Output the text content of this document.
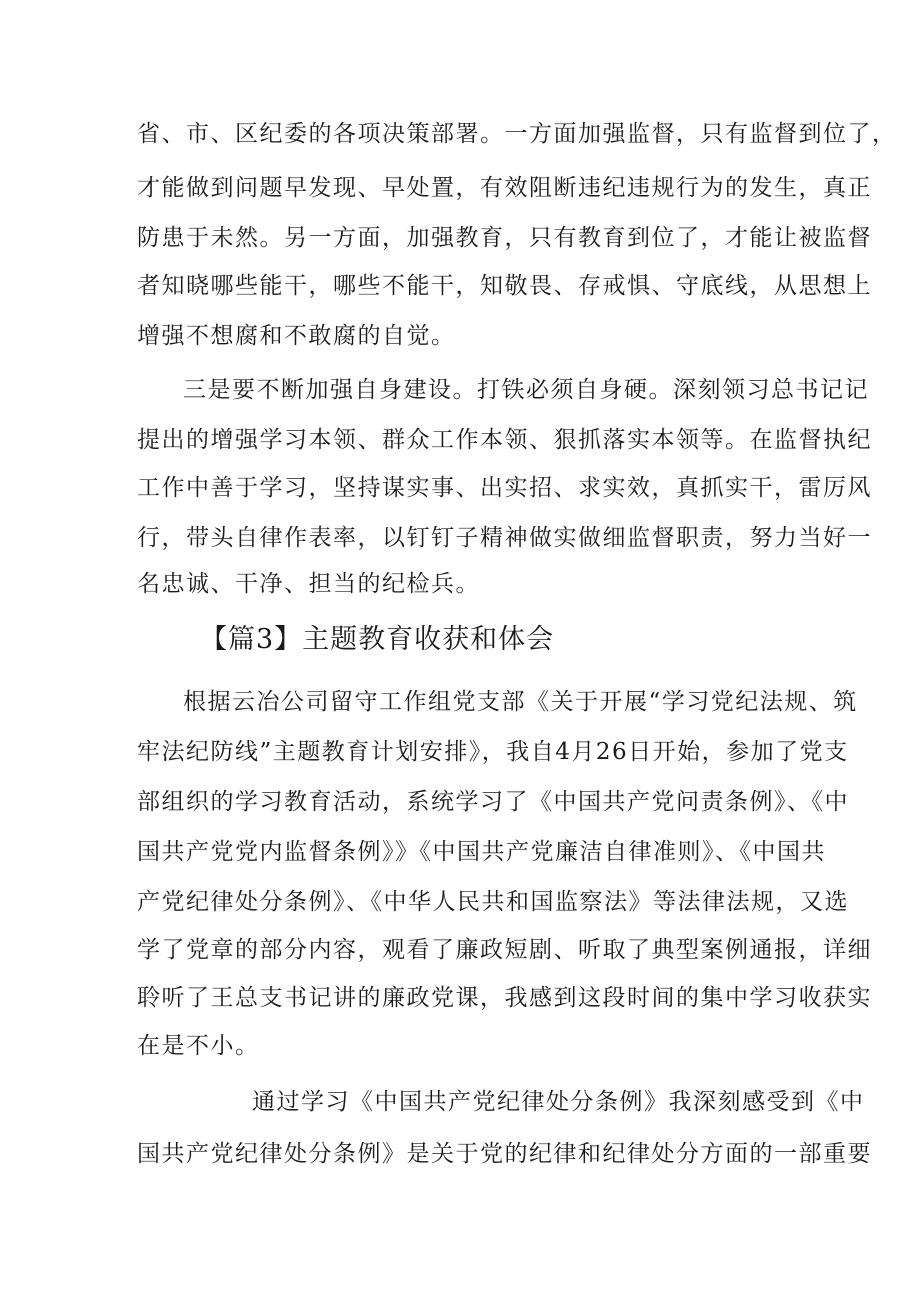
省、市、区纪委的各项决策部署。一方面加强监督，只有监督到位了，
才能做到问题早发现、早处置，有效阻断违纪违规行为的发生，真正
防患于未然。另一方面，加强教育，只有教育到位了，才能让被监督
者知晓哪些能干，哪些不能干，知敬畏、存戒惧、守底线，从思想上
增强不想腐和不敢腐的自觉。
三是要不断加强自身建设。打铁必须自身硬。深刻领习总书记记
提出的增强学习本领、群众工作本领、狠抓落实本领等。在监督执纪
工作中善于学习，坚持谋实事、出实招、求实效，真抓实干，雷厉风
行，带头自律作表率，以钉钉子精神做实做细监督职责，努力当好一
名忠诚、干净、担当的纪检兵。
【篇3】主题教育收获和体会
根据云冶公司留守工作组党支部《关于开展“学习党纪法规、筑
牢法纪防线”主题教育计划安排》，我自4月26日开始，参加了党支
部组织的学习教育活动，系统学习了《中国共产党问责条例》、《中
国共产党党内监督条例》》《中国共产党廉洁自律准则》、《中国共
产党纪律处分条例》、《中华人民共和国监察法》等法律法规，又选
学了党章的部分内容，观看了廉政短剧、听取了典型案例通报，详细
聆听了王总支书记讲的廉政党课，我感到这段时间的集中学习收获实
在是不小。
通过学习《中国共产党纪律处分条例》我深刻感受到《中
国共产党纪律处分条例》是关于党的纪律和纪律处分方面的一部重要
